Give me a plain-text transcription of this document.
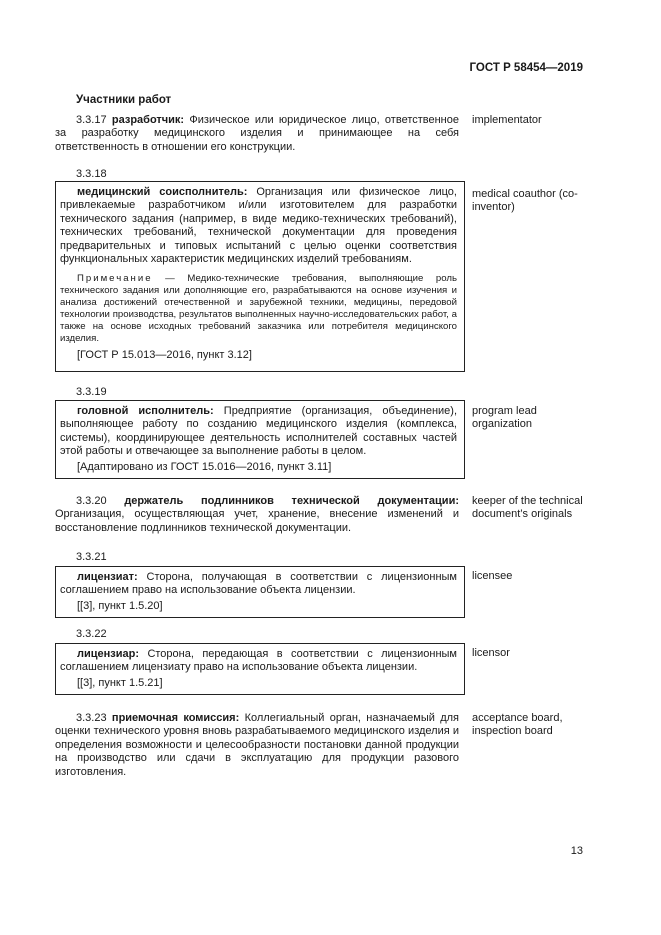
ГОСТ Р 58454—2019
Участники работ

3.3.17 разработчик: Физическое или юридическое лицо, ответственное за разработку медицинского изделия и принимающее на себя ответственность в отношении его конструкции.

implementator
3.3.18

медицинский соисполнитель: Организация или физическое лицо, привлекаемые разработчиком и/или изготовителем для разработки технического задания (например, в виде медико-технических требований), технических требований, технической документации для проведения предварительных и типовых испытаний с целью оценки соответствия функциональных характеристик медицинских изделий требованиям.

Примечание — Медико-технические требования, выполняющие роль технического задания или дополняющие его, разрабатываются на основе изучения и анализа достижений отечественной и зарубежной техники, медицины, передовой технологии производства, результатов выполненных научно-исследовательских работ, а также на основе исходных требований заказчика или потребителя медицинского изделия.

[ГОСТ Р 15.013—2016, пункт 3.12]

medical coauthor (co-inventor)
3.3.19

головной исполнитель: Предприятие (организация, объединение), выполняющее работу по созданию медицинского изделия (комплекса, системы), координирующее деятельность исполнителей составных частей этой работы и отвечающее за выполнение работы в целом.

[Адаптировано из ГОСТ 15.016—2016, пункт 3.11]

program lead organization

3.3.20 держатель подлинников технической документации: Организация, осуществляющая учет, хранение, внесение изменений и восстановление подлинников технической документации.

keeper of the technical document’s originals
3.3.21

лицензиат: Сторона, получающая в соответствии с лицензионным соглашением право на использование объекта лицензии.

[[3], пункт 1.5.20]

licensee
3.3.22

лицензиар: Сторона, передающая в соответствии с лицензионным соглашением лицензиату право на использование объекта лицензии.

[[3], пункт 1.5.21]

licensor

3.3.23 приемочная комиссия: Коллегиальный орган, назначаемый для оценки технического уровня вновь разрабатываемого медицинского изделия и определения возможности и целесообразности постановки данной продукции на производство или сдачи в эксплуатацию для продукции разового изготовления.

acceptance board, inspection board
13
